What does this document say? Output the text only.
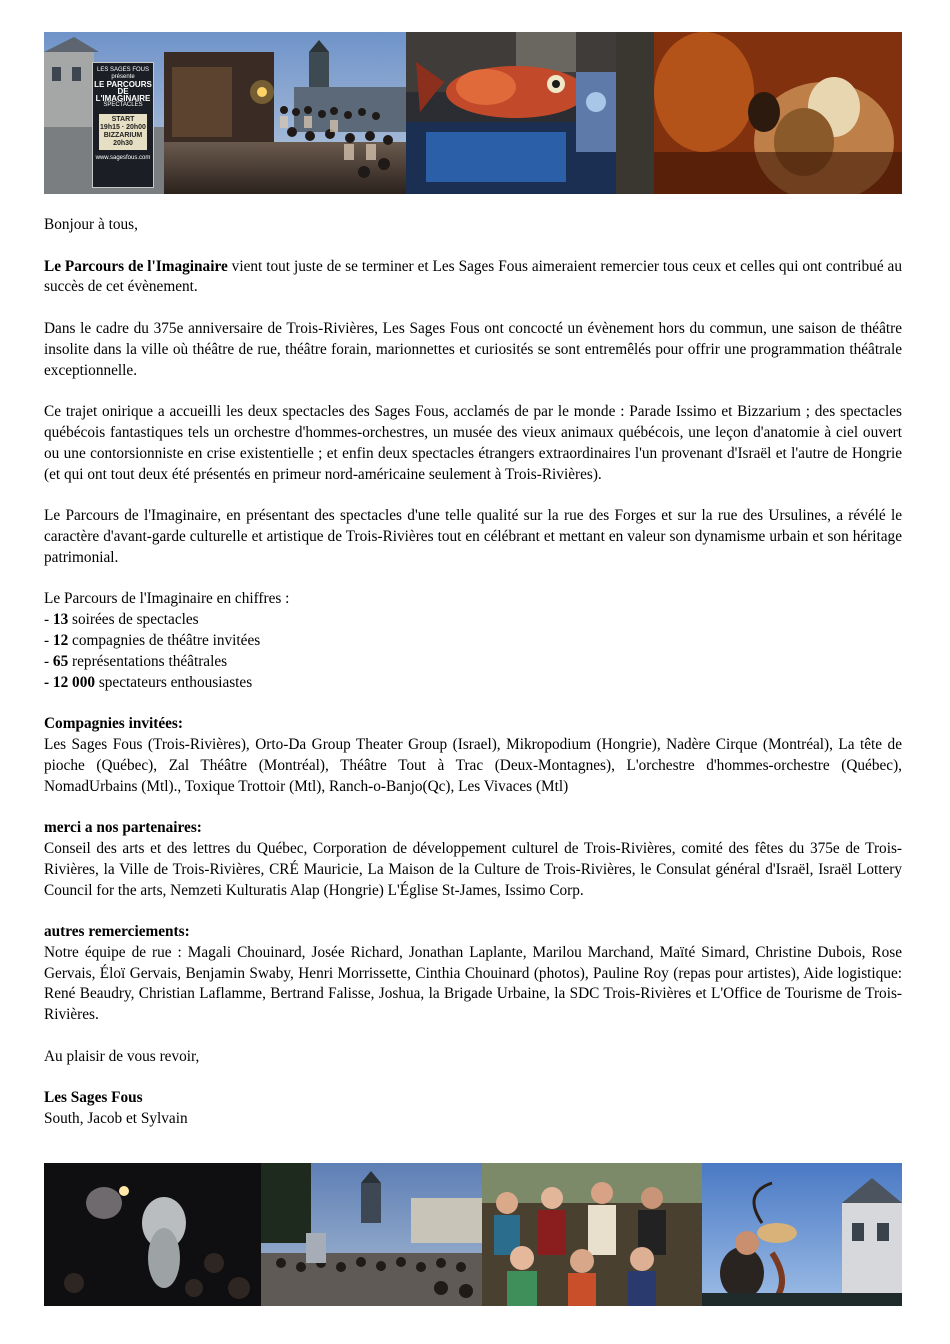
LES SAGES FOUS
présente
LE PARCOURS DE L'IMAGINAIRE
SPECTACLES
START
19h15 · 20h00
BIZZARIUM
20h30
www.sagesfous.com

Bonjour à tous,

Le Parcours de l'Imaginaire vient tout juste de se terminer et Les Sages Fous aimeraient remercier tous ceux et celles qui ont contribué au succès de cet évènement.

Dans le cadre du 375e anniversaire de Trois-Rivières, Les Sages Fous ont concocté un évènement hors du commun, une saison de théâtre insolite dans la ville où théâtre de rue, théâtre forain, marionnettes et curiosités se sont entremêlés pour offrir une programmation théâtrale exceptionnelle.

Ce trajet onirique a accueilli les deux spectacles des Sages Fous, acclamés de par le monde : Parade Issimo et Bizzarium ; des spectacles québécois fantastiques tels un orchestre d'hommes-orchestres, un musée des vieux animaux québécois, une leçon d'anatomie à ciel ouvert ou une contorsionniste en crise existentielle ; et enfin deux spectacles étrangers extraordinaires l'un provenant d'Israël et l'autre de Hongrie (et qui ont tout deux été présentés en primeur nord-américaine seulement à Trois-Rivières).

Le Parcours de l'Imaginaire, en présentant des spectacles d'une telle qualité sur la rue des Forges et sur la rue des Ursulines, a révélé le caractère d'avant-garde culturelle et artistique de Trois-Rivières tout en célébrant et mettant en valeur son dynamisme urbain et son héritage patrimonial.

Le Parcours de l'Imaginaire en chiffres :

- 13 soirées de spectacles

- 12 compagnies de théâtre invitées

- 65 représentations théâtrales

- 12 000 spectateurs enthousiastes

Compagnies invitées:

Les Sages Fous (Trois-Rivières), Orto-Da Group Theater Group (Israel), Mikropodium (Hongrie), Nadère Cirque (Montréal), La tête de pioche (Québec), Zal Théâtre (Montréal), Théâtre Tout à Trac (Deux-Montagnes), L'orchestre d'hommes-orchestre (Québec), NomadUrbains (Mtl)., Toxique Trottoir (Mtl), Ranch-o-Banjo(Qc), Les Vivaces (Mtl)

merci a nos partenaires:

Conseil des arts et des lettres du Québec, Corporation de développement culturel de Trois-Rivières, comité des fêtes du 375e de Trois-Rivières, la Ville de Trois-Rivières, CRÉ Mauricie, La Maison de la Culture de Trois-Rivières, le Consulat général d'Israël, Israël Lottery Council for the arts, Nemzeti Kulturatis Alap (Hongrie) L'Église St-James, Issimo Corp.

autres remerciements:

Notre équipe de rue : Magali Chouinard, Josée Richard, Jonathan Laplante, Marilou Marchand, Maïté Simard, Christine Dubois, Rose Gervais, Éloï Gervais, Benjamin Swaby, Henri Morrissette, Cinthia Chouinard (photos), Pauline Roy (repas pour artistes), Aide logistique: René Beaudry, Christian Laflamme, Bertrand Falisse, Joshua, la Brigade Urbaine, la SDC Trois-Rivières et L'Office de Tourisme de Trois-Rivières.

Au plaisir de vous revoir,

Les Sages Fous

South, Jacob et Sylvain
